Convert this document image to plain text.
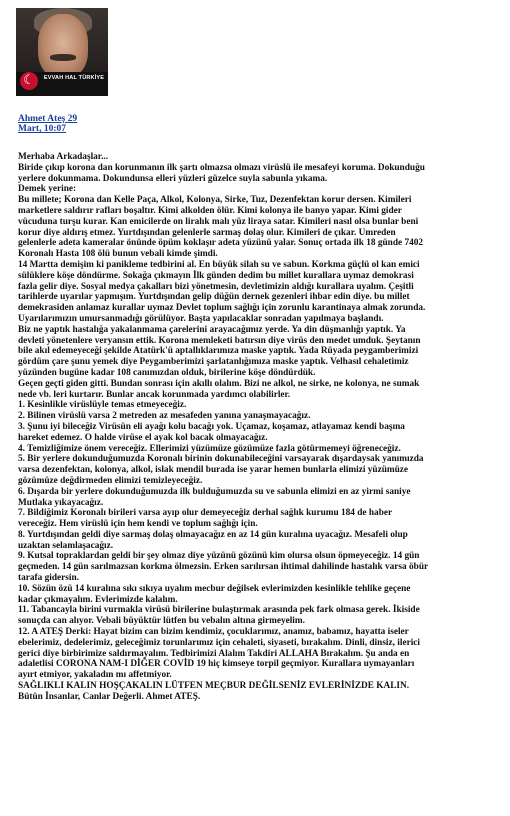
☾	EVVAH HAL TÜRKİYE
Ahmet Ateş 29
Mart, 10:07

Merhaba Arkadaşlar...

Biride çıkıp korona dan korunmanın ilk şartı olmazsa olmazı virüslü ile mesafeyi koruma. Dokunduğu

yerlere dokunmama. Dokundunsa elleri yüzleri güzelce suyla sabunla yıkama.

Demek yerine:

Bu millete; Korona dan Kelle Paça, Alkol, Kolonya, Sirke, Tuz, Dezenfektan korur dersen. Kimileri

marketlere saldırır rafları boşaltır. Kimi alkolden ölür. Kimi kolonya ile banyo yapar. Kimi gider

vücuduna turşu kurar. Kan emicilerde on liralık malı yüz liraya satar. Kimileri nasıl olsa bunlar beni

korur diye aldırış etmez. Yurtdışından gelenlerle sarmaş dolaş olur. Kimileri de çıkar. Umreden

gelenlerle adeta kameralar önünde öpüm koklaşır adeta yüzünü yalar. Sonuç ortada ilk 18 günde 7402

Koronalı Hasta 108 ölü bunun vebali kimde şimdi.

14 Martta demişim ki panikleme tedbirini al. En büyük silah su ve sabun. Korkma güçlü ol kan emici

sülüklere köşe döndürme. Sokağa çıkmayın İlk günden dedim bu millet kurallara uymaz demokrasi

fazla gelir diye. Sosyal medya çakalları bizi yönetmesin, devletimizin aldığı kurallara uyalım. Çeşitli

tarihlerde uyarılar yapmışım. Yurtdışından gelip düğün dernek gezenleri ihbar edin diye. bu millet

demekrasiden anlamaz kurallar uymaz Devlet toplum sağlığı için zorunlu karantinaya almak zorunda.

Uyarılarımızın umursanmadığı görülüyor. Başta yapılacaklar sonradan yapılmaya başlandı.

Biz ne yaptık hastalığa yakalanmama çarelerini arayacağımız yerde. Ya din düşmanlığı yaptık. Ya

devleti yönetenlere veryansın ettik. Korona memleketi batırsın diye virüs den medet umduk. Şeytanın

bile akıl edemeyeceği şekilde Atatürk'ü aptallıklarımıza maske yaptık. Yada Rüyada peygamberimizi

gördüm çare şunu yemek diye Peygamberimizi şarlatanlığımıza maske yaptık. Velhasıl cehaletimiz

yüzünden bugüne kadar 108 canımızdan olduk, birilerine köşe döndürdük.

Geçen geçti giden gitti. Bundan sonrası için akıllı olalım. Bizi ne alkol, ne sirke, ne kolonya, ne sumak

nede vb. leri kurtarır. Bunlar ancak korunmada yardımcı olabilirler.

1. Kesinlikle virüslüyle temas etmeyeceğiz.

2. Bilinen virüslü varsa 2 metreden az mesafeden yanına yanaşmayacağız.

3. Şunu iyi bileceğiz Virüsün eli ayağı kolu bacağı yok. Uçamaz, koşamaz, atlayamaz kendi başına

hareket edemez. O halde virüse el ayak kol bacak olmayacağız.

4. Temizliğimize önem vereceğiz. Ellerimizi yüzümüze gözümüze fazla götürmemeyi öğreneceğiz.

5. Bir yerlere dokunduğumuzda Koronalı birinin dokunabileceğini varsayarak dışardaysak yanımızda

varsa dezenfektan, kolonya, alkol, islak mendil burada ise yarar hemen bunlarla elimizi yüzümüze

gözümüze değdirmeden elimizi temizleyeceğiz.

6. Dışarda bir yerlere dokunduğumuzda ilk bulduğumuzda su ve sabunla elimizi en az yirmi saniye

Mutlaka yıkayacağız.

7. Bildiğimiz Koronalı birileri varsa ayıp olur demeyeceğiz derhal sağlık kurumu 184 de haber

vereceğiz. Hem virüslü için hem kendi ve toplum sağlığı için.

8. Yurtdışından geldi diye sarmaş dolaş olmayacağız en az 14 gün kuralına uyacağız. Mesafeli olup

uzaktan selamlaşacağız.

9. Kutsal topraklardan geldi bir şey olmaz diye yüzünü gözünü kim olursa olsun öpmeyeceğiz. 14 gün

geçmeden. 14 gün sarılmazsan korkma ölmezsin. Erken sarılırsan ihtimal dahilinde hastalık varsa öbür

tarafa gidersin.

10. Sözün özü 14 kuralına sıkı sıkıya uyalım mecbur değilsek evlerimizden kesinlikle tehlike geçene

kadar çıkmayalım. Evlerimizde kalalım.

11. Tabancayla birini vurmakla virüsü birilerine bulaştırmak arasında pek fark olmasa gerek. İkiside

sonuçda can alıyor. Vebali büyüktür lütfen bu vebalın altına girmeyelim.

12. A ATEŞ Derki: Hayat bizim can bizim kendimiz, çocuklarımız, anamız, babamız, hayatta iseler

ebelerimiz, dedelerimiz, geleceğimiz torunlarımız için cehaleti, siyaseti, bırakalım. Dinli, dinsiz, ilerici

gerici diye birbirimize saldırmayalım. Tedbirimizi Alalım Takdiri ALLAHA Bırakalım. Şu anda en

adaletlisi CORONA NAM-I DİĞER COVİD 19 hiç kimseye torpil geçmiyor. Kurallara uymayanları

ayırt etmiyor, yakaladın mı affetmiyor.

SAĞLIKLI KALIN HOŞÇAKALIN LÜTFEN MEÇBUR DEĞİLSENİZ EVLERİNİZDE KALIN.

Bütün İnsanlar, Canlar Değerli. Ahmet ATEŞ.
